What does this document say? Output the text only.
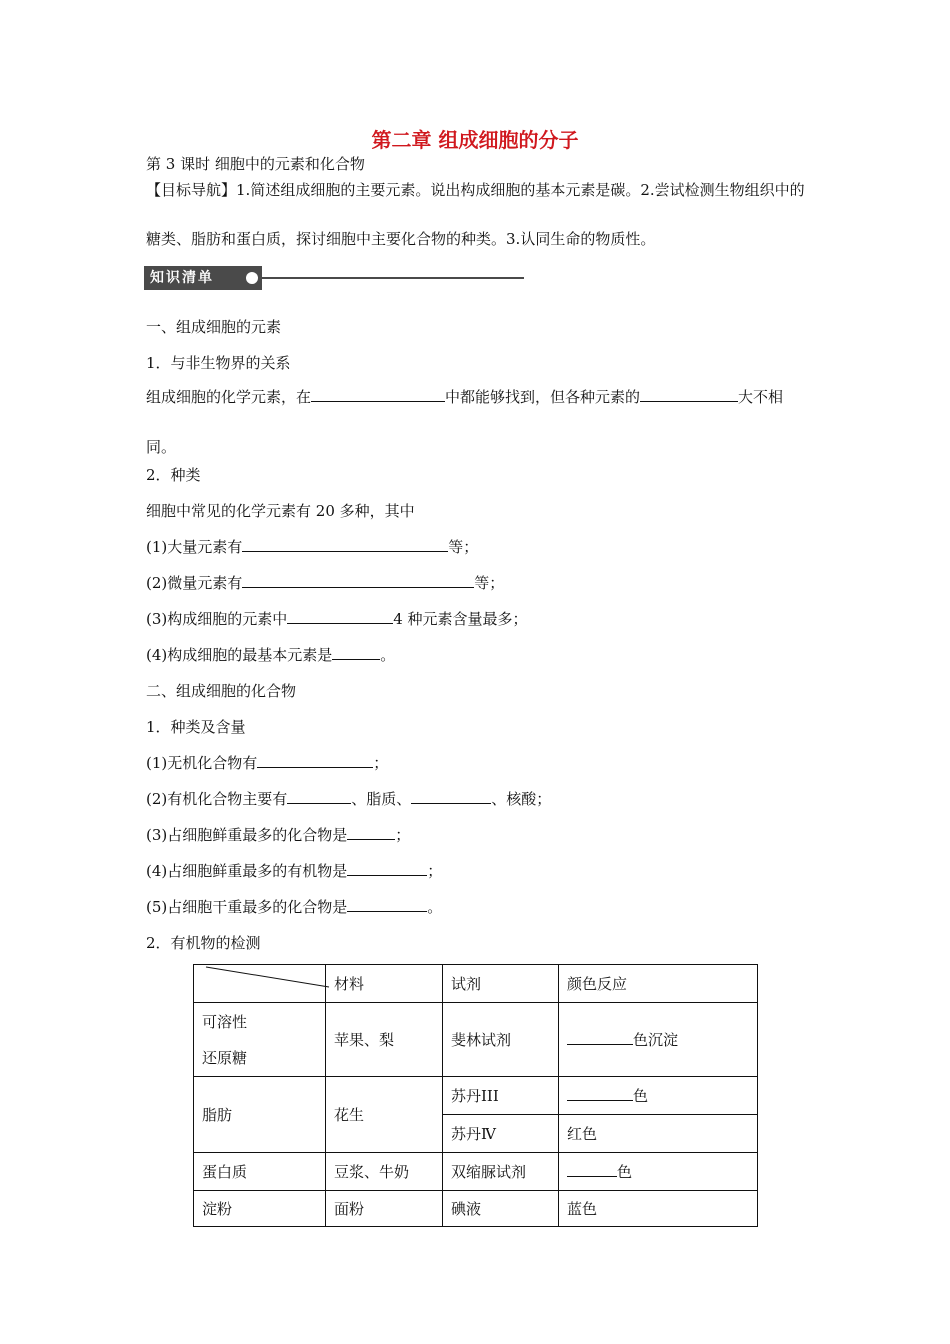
第二章 组成细胞的分子
第 3 课时 细胞中的元素和化合物
【目标导航】1.简述组成细胞的主要元素。说出构成细胞的基本元素是碳。2.尝试检测生物组织中的糖类、脂肪和蛋白质，探讨细胞中主要化合物的种类。3.认同生命的物质性。
知识清单
一、组成细胞的元素
1．与非生物界的关系
组成细胞的化学元素，在	中都能够找到，但各种元素的	大不相同。
2．种类
细胞中常见的化学元素有 20 多种，其中
(1)大量元素有	等；
(2)微量元素有	等；
(3)构成细胞的元素中	4 种元素含量最多；
(4)构成细胞的最基本元素是	。
二、组成细胞的化合物
1．种类及含量
(1)无机化合物有	；
(2)有机化合物主要有	、脂质、	、核酸；
(3)占细胞鲜重最多的化合物是	；
(4)占细胞鲜重最多的有机物是	；
(5)占细胞干重最多的化合物是	。
2．有机物的检测
	材料	试剂	颜色反应

可溶性
还原糖	苹果、梨	斐林试剂	色沉淀
脂肪	花生	苏丹III	色
		苏丹Ⅳ	红色
蛋白质	豆浆、牛奶	双缩脲试剂	色
淀粉	面粉	碘液	蓝色
